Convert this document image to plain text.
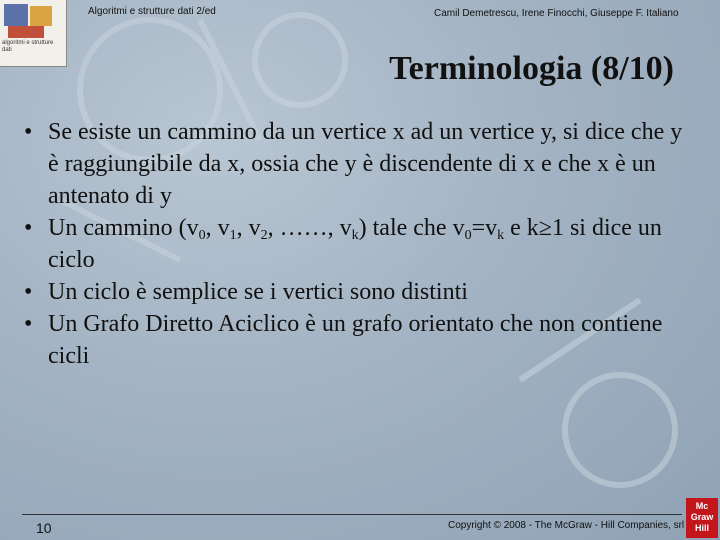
algoritmi e strutture dati
Algoritmi e strutture dati 2/ed	Camil Demetrescu, Irene Finocchi, Giuseppe F. Italiano
Terminologia (8/10)
• Se esiste un cammino da un vertice x ad un vertice y, si dice che y è raggiungibile da x, ossia che y è discendente di x e che x è un antenato di y
• Un cammino ($v_0$, $v_1$, $v_2$, ……, $v_k$) tale che $v_0=v_k$ e k≥1 si dice un ciclo
• Un ciclo è semplice se i vertici sono distinti
• Un Grafo Diretto Aciclico è un grafo orientato che non contiene cicli
10	Copyright © 2008 - The McGraw - Hill Companies, srl
Mc
Graw
Hill
